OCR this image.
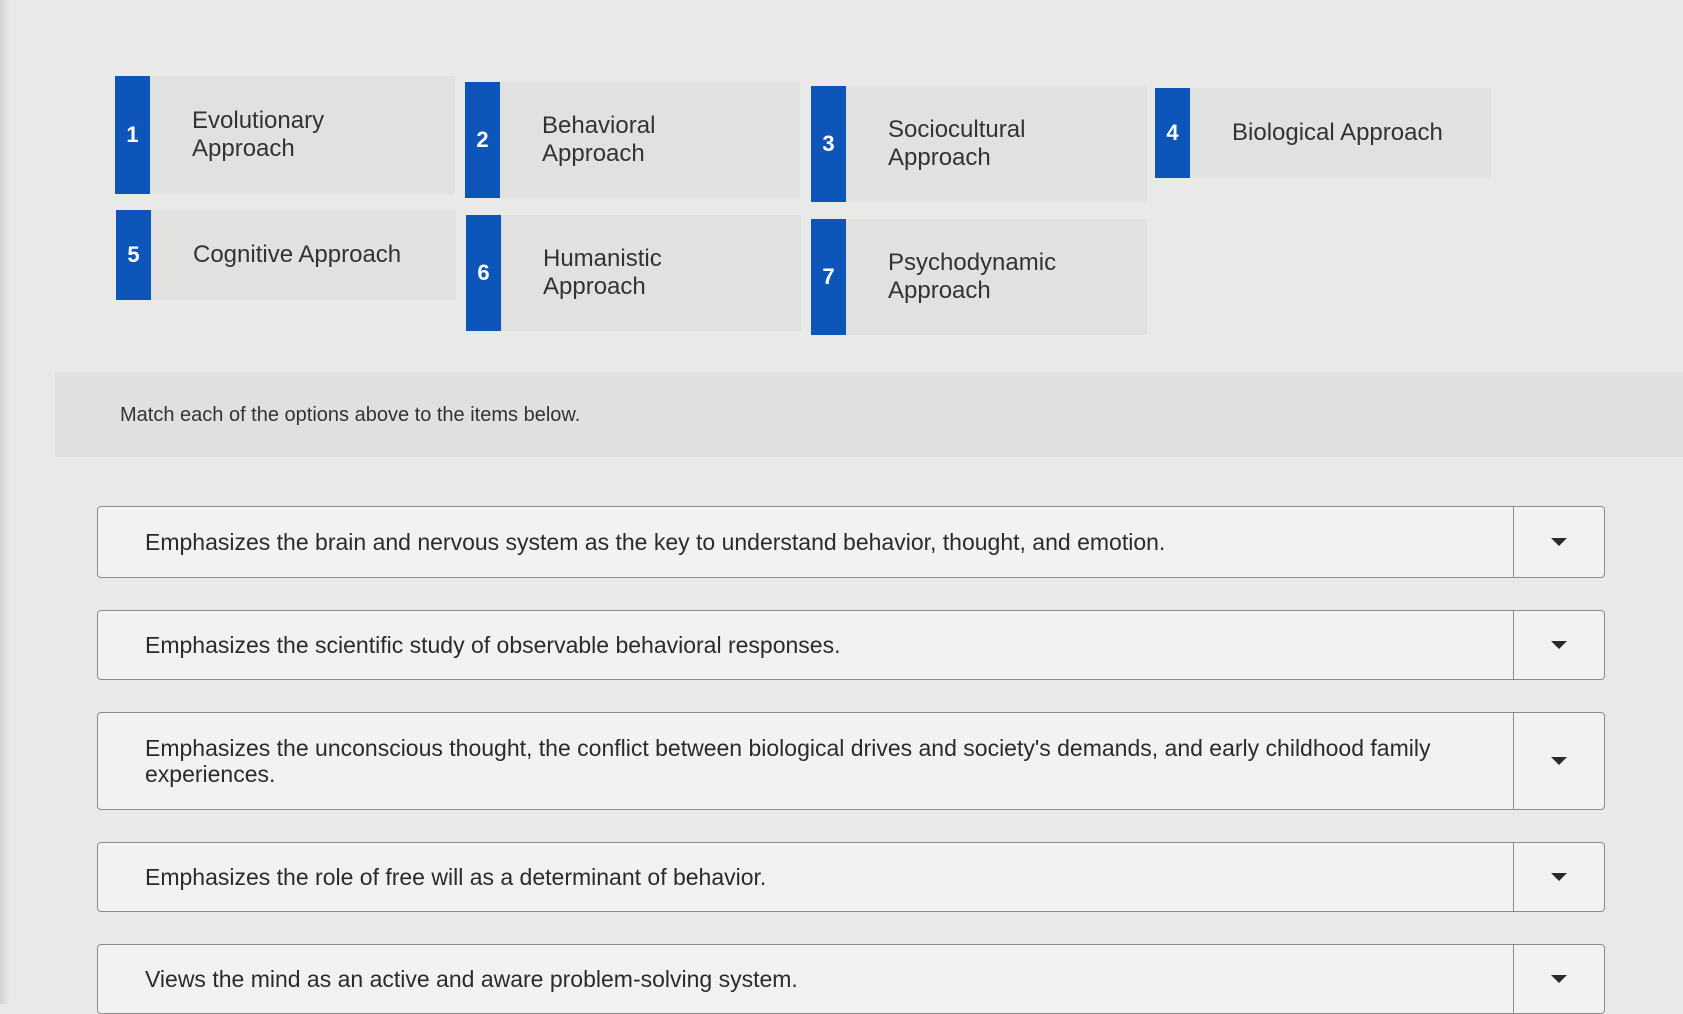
1
Evolutionary Approach	2
Behavioral Approach	3
Sociocultural Approach
4	Biological Approach
5	Cognitive Approach
6
Humanistic Approach	7
Psychodynamic Approach
Match each of the options above to the items below.
Emphasizes the brain and nervous system as the key to understand behavior, thought, and emotion.
Emphasizes the scientific study of observable behavioral responses.
Emphasizes the unconscious thought, the conflict between biological drives and society's demands, and early childhood family experiences.
Emphasizes the role of free will as a determinant of behavior.
Views the mind as an active and aware problem-solving system.
